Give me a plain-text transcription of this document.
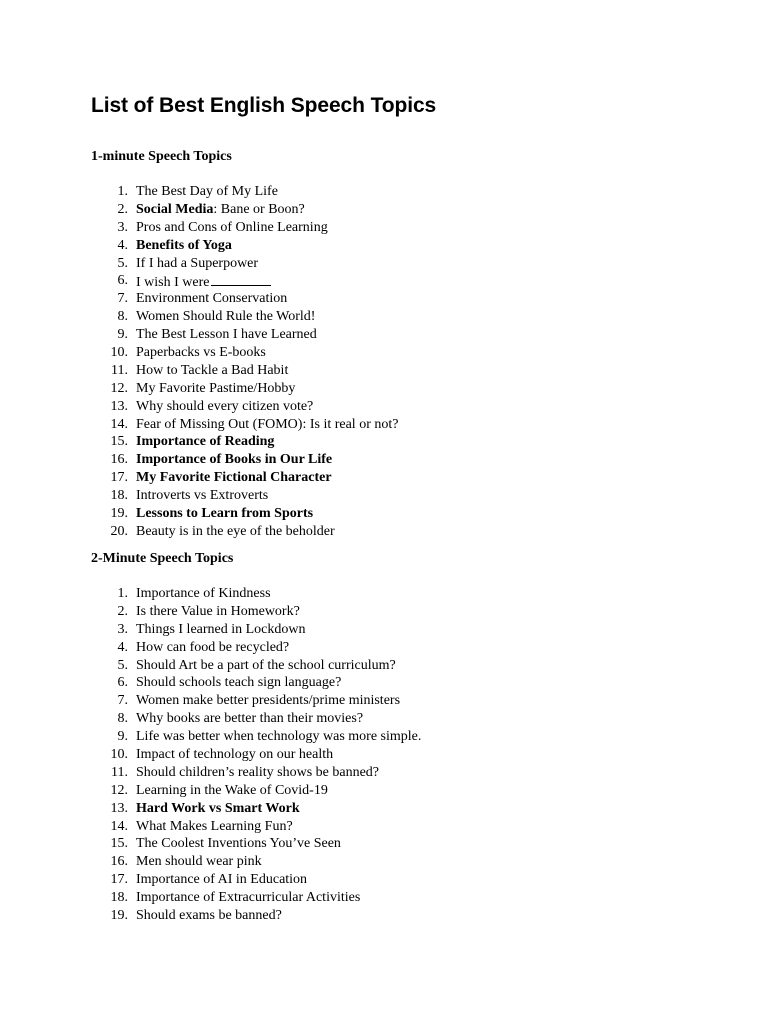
List of Best English Speech Topics
1-minute Speech Topics
1. The Best Day of My Life
2. Social Media: Bane or Boon?
3. Pros and Cons of Online Learning
4. Benefits of Yoga
5. If I had a Superpower
6. I wish I were
7. Environment Conservation
8. Women Should Rule the World!
9. The Best Lesson I have Learned
10. Paperbacks vs E-books
11. How to Tackle a Bad Habit
12. My Favorite Pastime/Hobby
13. Why should every citizen vote?
14. Fear of Missing Out (FOMO): Is it real or not?
15. Importance of Reading
16. Importance of Books in Our Life
17. My Favorite Fictional Character
18. Introverts vs Extroverts
19. Lessons to Learn from Sports
20. Beauty is in the eye of the beholder
2-Minute Speech Topics
1. Importance of Kindness
2. Is there Value in Homework?
3. Things I learned in Lockdown
4. How can food be recycled?
5. Should Art be a part of the school curriculum?
6. Should schools teach sign language?
7. Women make better presidents/prime ministers
8. Why books are better than their movies?
9. Life was better when technology was more simple.
10. Impact of technology on our health
11. Should children’s reality shows be banned?
12. Learning in the Wake of Covid-19
13. Hard Work vs Smart Work
14. What Makes Learning Fun?
15. The Coolest Inventions You’ve Seen
16. Men should wear pink
17. Importance of AI in Education
18. Importance of Extracurricular Activities
19. Should exams be banned?
